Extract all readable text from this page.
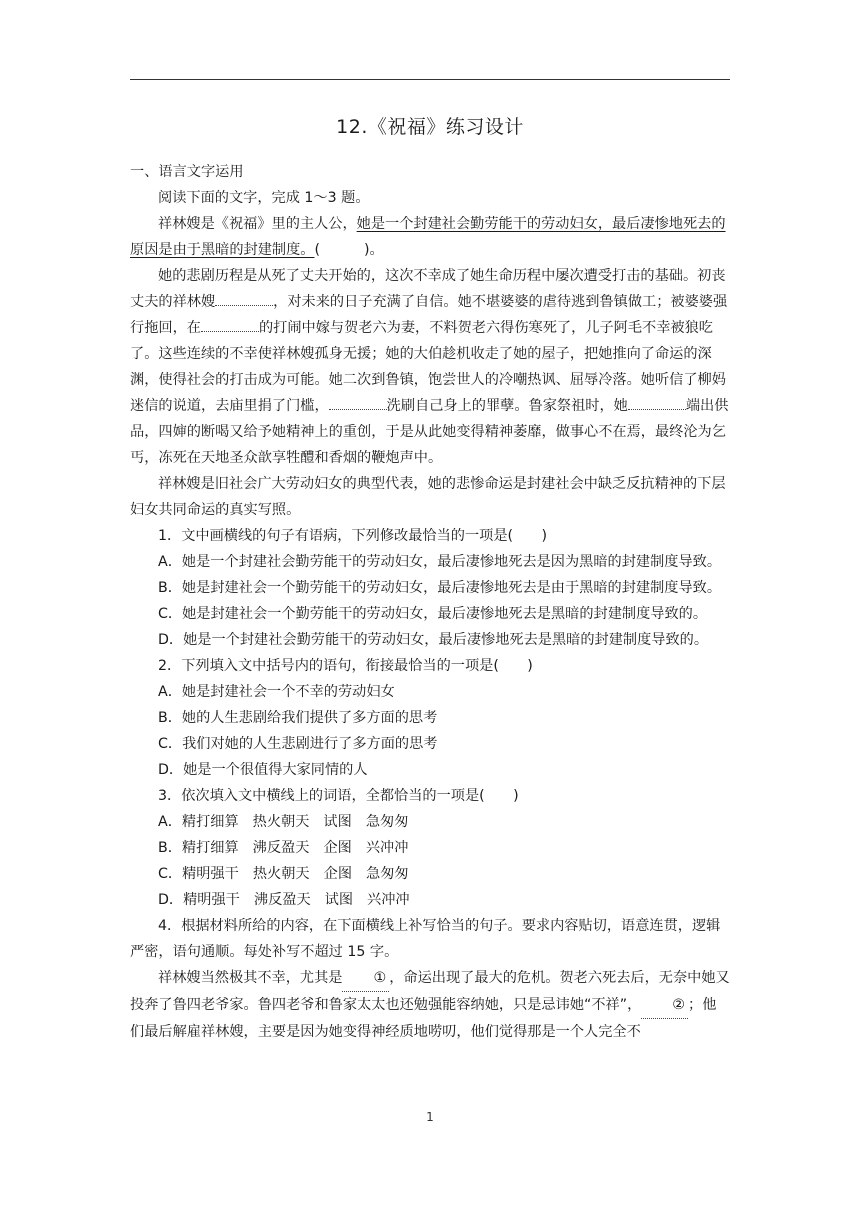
12.《祝福》练习设计

一、语言文字运用

阅读下面的文字，完成 1～3 题。

祥林嫂是《祝福》里的主人公，她是一个封建社会勤劳能干的劳动妇女，最后凄惨地死去的原因是由于黑暗的封建制度。(	)。

她的悲剧历程是从死了丈夫开始的，这次不幸成了她生命历程中屡次遭受打击的基础。初丧丈夫的祥林嫂	，对未来的日子充满了自信。她不堪婆婆的虐待逃到鲁镇做工；被婆婆强行拖回，在	的打闹中嫁与贺老六为妻，不料贺老六得伤寒死了，儿子阿毛不幸被狼吃了。这些连续的不幸使祥林嫂孤身无援；她的大伯趁机收走了她的屋子，把她推向了命运的深渊，使得社会的打击成为可能。她二次到鲁镇，饱尝世人的冷嘲热讽、屈辱冷落。她听信了柳妈迷信的说道，去庙里捐了门槛，	洗刷自己身上的罪孽。鲁家祭祖时，她	端出供品，四婶的断喝又给予她精神上的重创，于是从此她变得精神萎靡，做事心不在焉，最终沦为乞丐，冻死在天地圣众歆享牲醴和香烟的鞭炮声中。

祥林嫂是旧社会广大劳动妇女的典型代表，她的悲惨命运是封建社会中缺乏反抗精神的下层妇女共同命运的真实写照。

1．文中画横线的句子有语病，下列修改最恰当的一项是(　　)

A．她是一个封建社会勤劳能干的劳动妇女，最后凄惨地死去是因为黑暗的封建制度导致。

B．她是封建社会一个勤劳能干的劳动妇女，最后凄惨地死去是由于黑暗的封建制度导致。

C．她是封建社会一个勤劳能干的劳动妇女，最后凄惨地死去是黑暗的封建制度导致的。

D．她是一个封建社会勤劳能干的劳动妇女，最后凄惨地死去是黑暗的封建制度导致的。

2．下列填入文中括号内的语句，衔接最恰当的一项是(　　)

A．她是封建社会一个不幸的劳动妇女

B．她的人生悲剧给我们提供了多方面的思考

C．我们对她的人生悲剧进行了多方面的思考

D．她是一个很值得大家同情的人

3．依次填入文中横线上的词语，全都恰当的一项是(　　)

A．精打细算 热火朝天 试图 急匆匆

B．精打细算 沸反盈天 企图 兴冲冲

C．精明强干 热火朝天 企图 急匆匆

D．精明强干 沸反盈天 试图 兴冲冲

4．根据材料所给的内容，在下面横线上补写恰当的句子。要求内容贴切，语意连贯，逻辑严密，语句通顺。每处补写不超过 15 字。

祥林嫂当然极其不幸，尤其是 ① ，命运出现了最大的危机。贺老六死去后，无奈中她又投奔了鲁四老爷家。鲁四老爷和鲁家太太也还勉强能容纳她，只是忌讳她“不祥”， ② ；他们最后解雇祥林嫂，主要是因为她变得神经质地唠叨，他们觉得那是一个人完全不

1
